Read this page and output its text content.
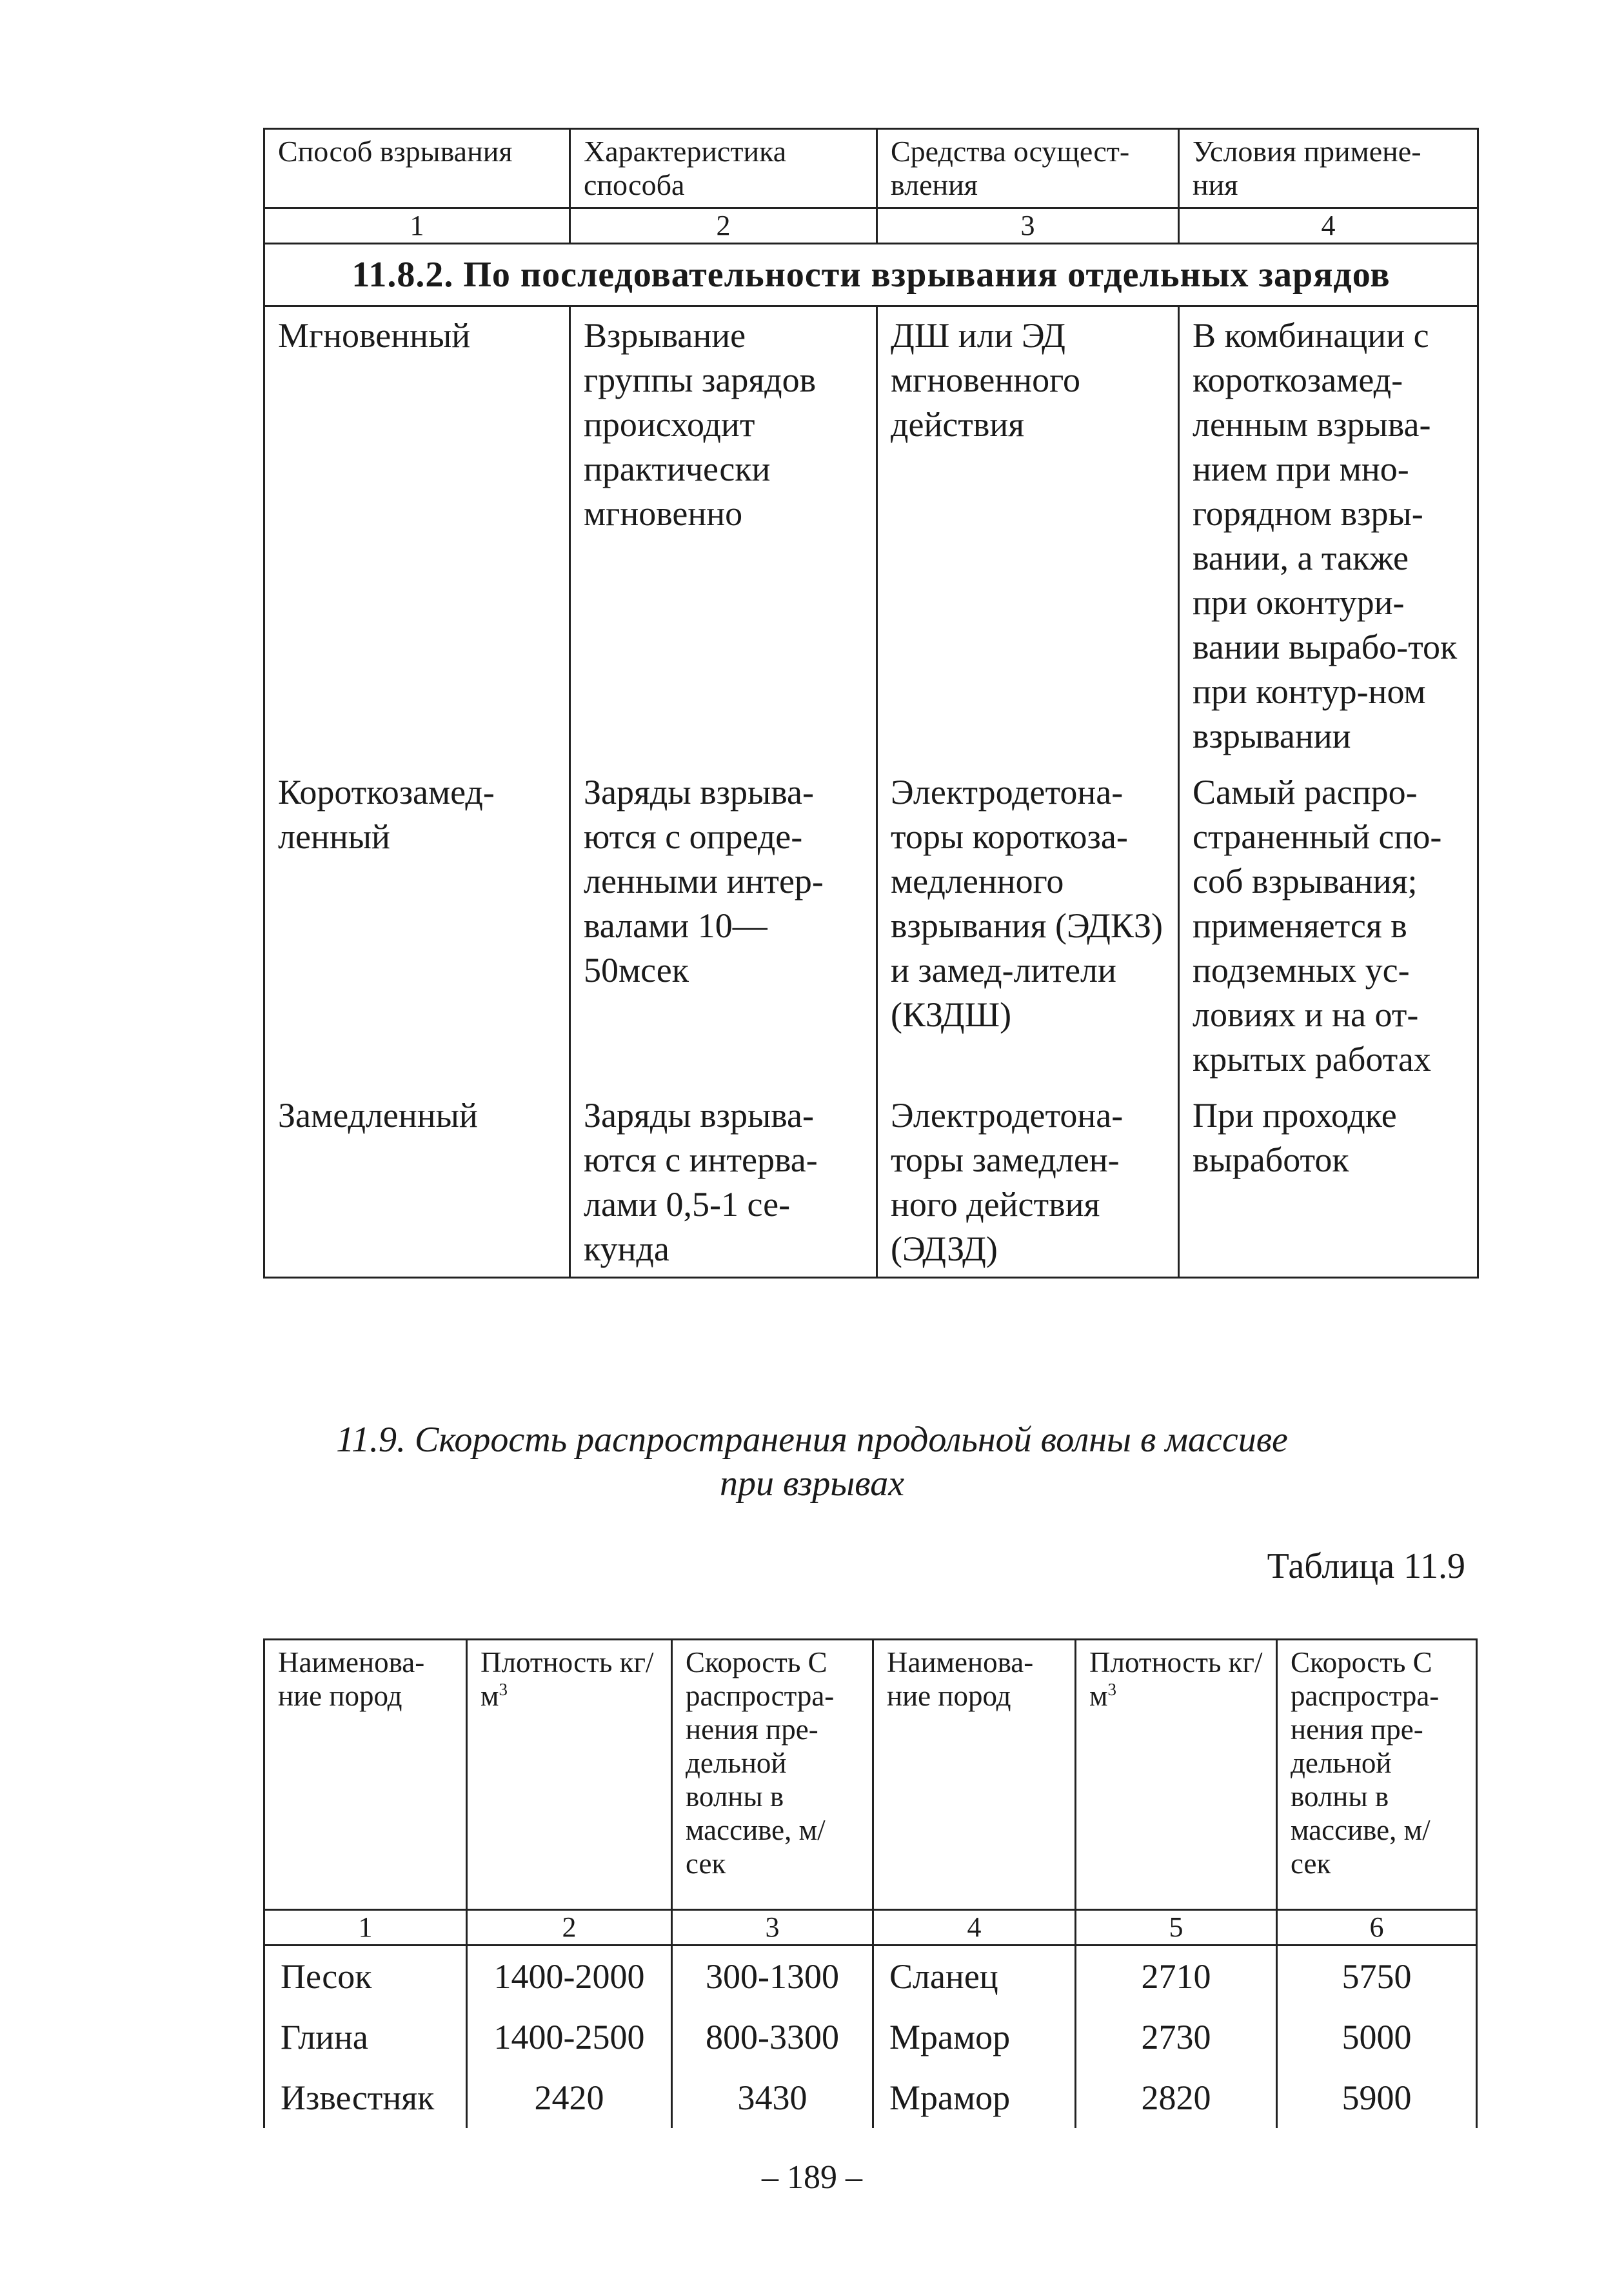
Способ взрывания	Характеристика способа	Средства осущест-вления	Условия примене-ния
1	2	3	4
11.8.2. По последовательности взрывания отдельных зарядов			
Мгновенный	Взрывание группы зарядов происходит практически мгновенно	ДШ или ЭД мгновенного действия	В комбинации с короткозамед-ленным взрыва-нием при мно-горядном взры-вании, а также при оконтури-вании вырабо-ток при контур-ном взрывании
Короткозамед-ленный	Заряды взрыва-ются с опреде-ленными интер-валами 10—50мсек	Электродетона-торы короткоза-медленного взрывания (ЭДКЗ) и замед-лители (КЗДШ)	Самый распро-страненный спо-соб взрывания; применяется в подземных ус-ловиях и на от-крытых работах
Замедленный	Заряды взрыва-ются с интерва-лами 0,5-1 се-кунда	Электродетона-торы замедлен-ного действия (ЭДЗД)	При проходке выработок
11.9. Скорость распространения продольной волны в массиве
при взрывах
Таблица 11.9
Наименова-ние пород	Плотность $кг/м^3$	Скорость С распростра-нения пре-дельной волны в массиве, м/сек	Наименова-ние пород	Плотность $кг/м^3$	Скорость С распростра-нения пре-дельной волны в массиве, м/сек
1	2	3	4	5	6
Песок	1400-2000	300-1300	Сланец	2710	5750
Глина	1400-2500	800-3300	Мрамор	2730	5000
Известняк	2420	3430	Мрамор	2820	5900
– 189 –
